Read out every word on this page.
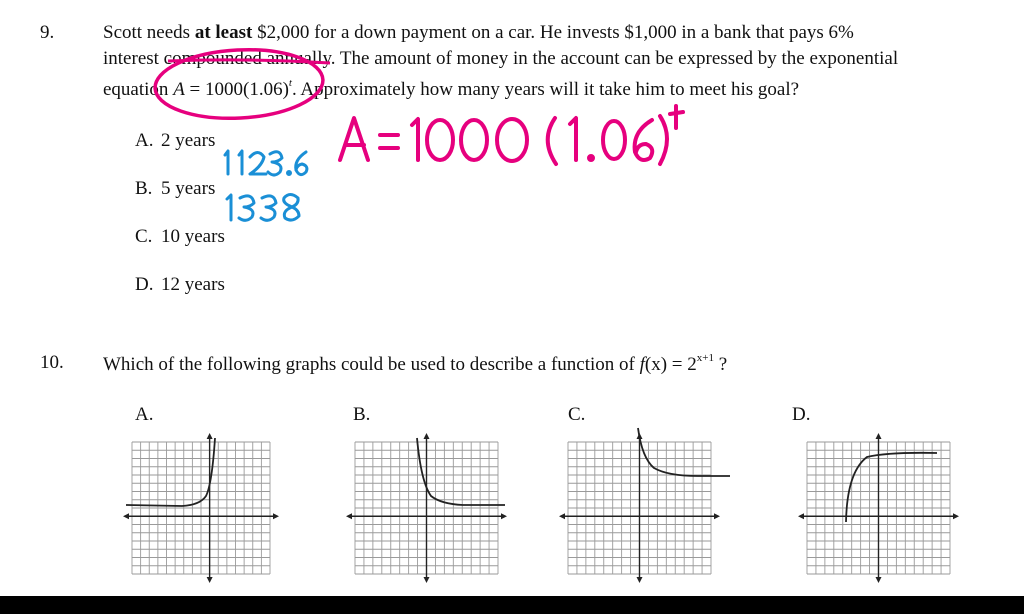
9.	Scott needs at least $2,000 for a down payment on a car. He invests $1,000 in a bank that pays 6%
interest compounded annually. The amount of money in the account can be expressed by the exponential
equation $A = 1000(1.06)^t$. Approximately how many years will it take him to meet his goal?
A. 2 years
B. 5 years
C. 10 years
D. 12 years
10. Which of the following graphs could be used to describe a function of $f(x) = 2^{x+1}$ ?
A.	B.	C.	D.
